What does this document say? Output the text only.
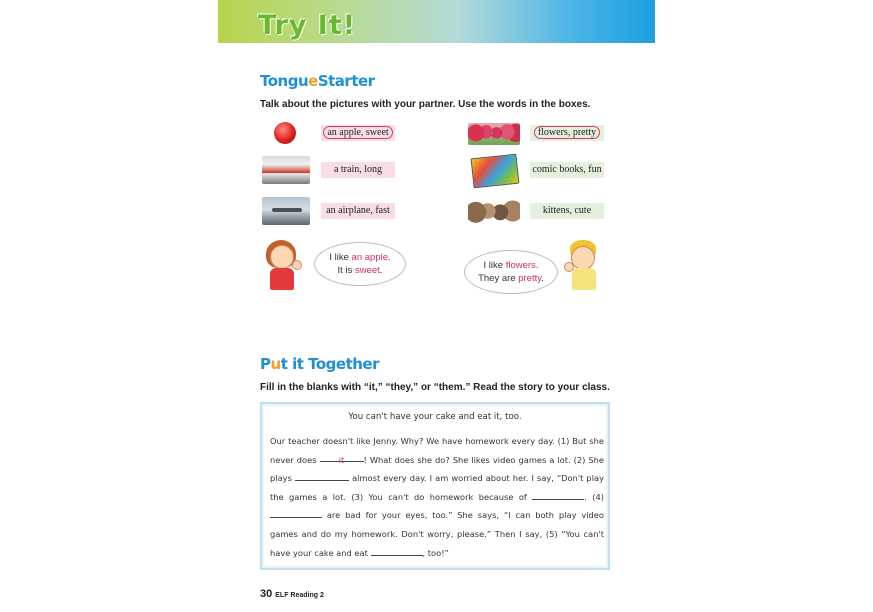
Try It!
TongueStarter
Talk about the pictures with your partner. Use the words in the boxes.
an apple, sweet
a train, long
an airplane, fast
flowers, pretty
comic books, fun
kittens, cute
I like an apple.
It is sweet.	I like flowers.
They are pretty.
Put it Together
Fill in the blanks with “it,” “they,” or “them.” Read the story to your class.
You can't have your cake and eat it, too.
Our teacher doesn't like Jenny. Why? We have homework every day. (1) But she never does it ! What does she do? She likes video games a lot. (2) She plays	almost every day. I am worried about her. I say, “Don't play the games a lot. (3) You can't do homework because of	. (4)  are bad for your eyes, too.” She says, “I can both play video games and do my homework. Don't worry, please.” Then I say, (5) “You can't have your cake and eat	, too!”
30 ELF Reading 2
